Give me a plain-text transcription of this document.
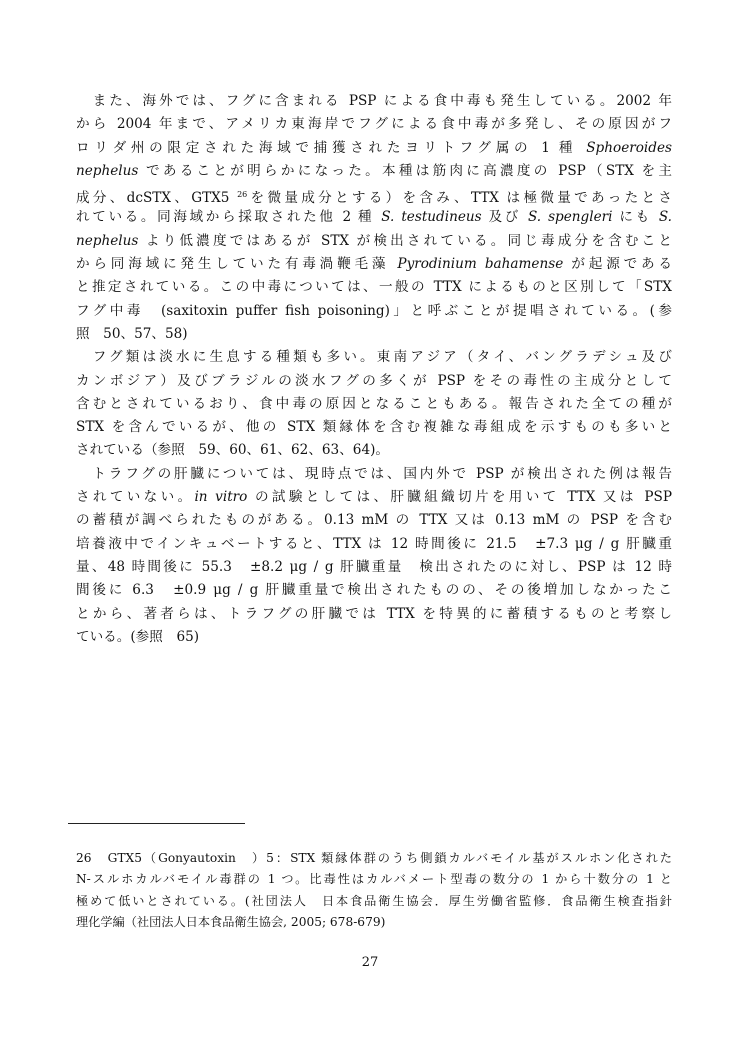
　また、海外では、フグに含まれる PSP による食中毒も発生している。2002 年
から 2004 年まで、アメリカ東海岸でフグによる食中毒が多発し、その原因がフ
ロリダ州の限定された海域で捕獲されたヨリトフグ属の 1 種 Sphoeroides
nephelus であることが明らかになった。本種は筋肉に高濃度の PSP（STX を主
成分、dcSTX、GTX5 $^{26}$を微量成分とする）を含み、TTX は極微量であったとさ
れている。同海域から採取された他 2 種 S. testudineus 及び S. spengleri にも S.
nephelus より低濃度ではあるが STX が検出されている。同じ毒成分を含むこと
から同海域に発生していた有毒渦鞭毛藻 Pyrodinium bahamense が起源である
と推定されている。この中毒については、一般の TTX によるものと区別して「STX
フグ中毒　(saxitoxin puffer fish poisoning)」と呼ぶことが提唱されている。(参
照　50、57、58)
　フグ類は淡水に生息する種類も多い。東南アジア（タイ、バングラデシュ及び
カンボジア）及びブラジルの淡水フグの多くが PSP をその毒性の主成分として
含むとされているおり、食中毒の原因となることもある。報告された全ての種が
STX を含んでいるが、他の STX 類縁体を含む複雑な毒組成を示すものも多いと
されている（参照　59、60、61、62、63、64)。
　トラフグの肝臓については、現時点では、国内外で PSP が検出された例は報告
されていない。in vitro の試験としては、肝臓組織切片を用いて TTX 又は PSP
の蓄積が調べられたものがある。0.13 mM の TTX 又は 0.13 mM の PSP を含む
培養液中でインキュベートすると、TTX は 12 時間後に 21.5　±7.3 μg / g 肝臓重
量、48 時間後に 55.3　±8.2 μg / g 肝臓重量　検出されたのに対し、PSP は 12 時
間後に 6.3　±0.9 μg / g 肝臓重量で検出されたものの、その後増加しなかったこ
とから、著者らは、トラフグの肝臓では TTX を特異的に蓄積するものと考察し
ている。(参照　65)
26　GTX5（Gonyautoxin　）5：STX 類縁体群のうち側鎖カルバモイル基がスルホン化された
N-スルホカルバモイル毒群の 1 つ。比毒性はカルバメート型毒の数分の 1 から十数分の 1 と
極めて低いとされている。(社団法人　日本食品衛生協会．厚生労働省監修．食品衛生検査指針
理化学編（社団法人日本食品衛生協会, 2005; 678-679)
27
